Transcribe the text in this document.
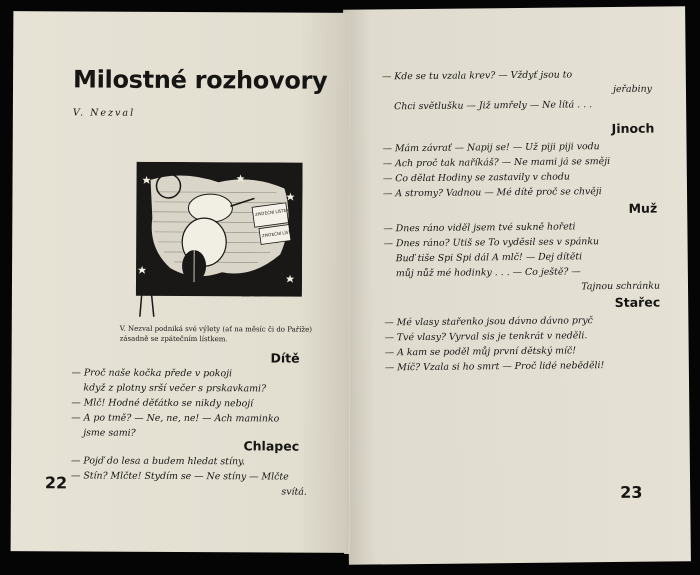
— Kde se tu vzala krev? — Vždyť jsou to
jeřabiny
Chci světlušku — Již umřely — Ne lítá . . .
Jinoch
— Mám závrať — Napij se! — Už piji piji vodu
— Ach proč tak naříkáš? — Ne mami já se směji
— Co dělat Hodiny se zastavily v chodu
— A stromy? Vadnou — Mé dítě proč se chvěji
Muž
— Dnes ráno viděl jsem tvé sukně hořeti
— Dnes ráno? Utiš se To vyděsil ses v spánku
Buď tiše Spi Spi dál A mlč! — Dej dítěti
můj nůž mé hodinky . . . — Co ještě? —
Tajnou schránku
Stařec
— Mé vlasy stařenko jsou dávno dávno pryč
— Tvé vlasy? Vyrval sis je tenkrát v neděli.
— A kam se poděl můj první dětský míč!
— Míč? Vzala si ho smrt — Proč lidé neběděli!
23
Milostné rozhovory
V. Nezval
ZPÁTEČNÍ LÍSTEK
ZPÁTEČNÍ LÍSTEK
V. Nezval podniká své výlety (ať na měsíc či do Paříže) zásadně se zpátečním lístkem.
Dítě
— Proč naše kočka přede v pokoji
když z plotny srší večer s prskavkami?
— Mlč! Hodné děťátko se nikdy nebojí
— A po tmě? — Ne, ne, ne! — Ach maminko
jsme sami?
Chlapec
— Pojď do lesa a budem hledat stíny.
— Stín? Mlčte! Stydím se — Ne stíny — Mlčte
svítá.
22
